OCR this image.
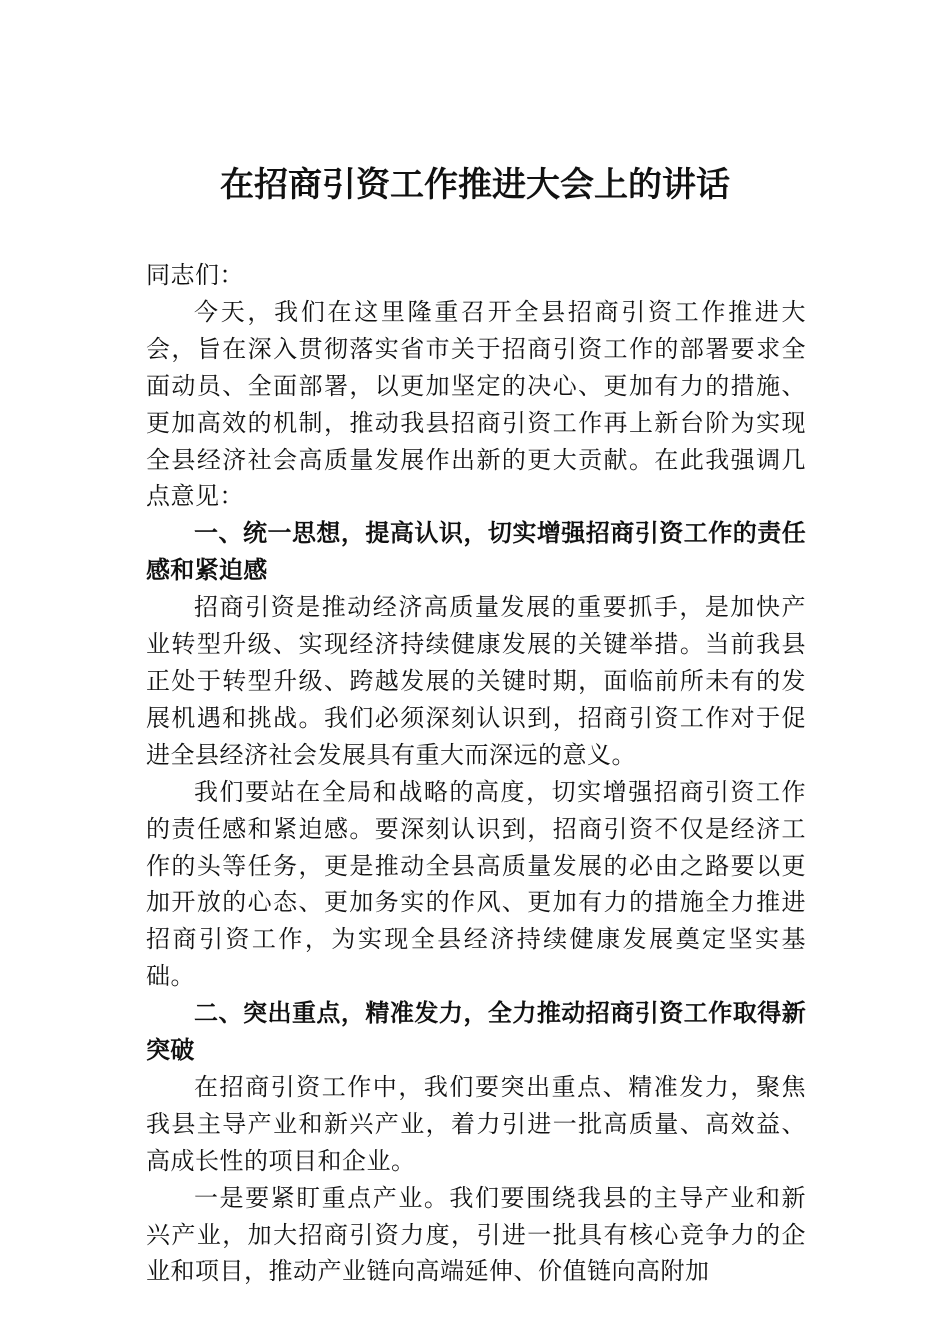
在招商引资工作推进大会上的讲话

同志们：

今天，我们在这里隆重召开全县招商引资工作推进大会，旨在深入贯彻落实省市关于招商引资工作的部署要求全面动员、全面部署，以更加坚定的决心、更加有力的措施、更加高效的机制，推动我县招商引资工作再上新台阶为实现全县经济社会高质量发展作出新的更大贡献。在此我强调几点意见：

一、统一思想，提高认识，切实增强招商引资工作的责任感和紧迫感

招商引资是推动经济高质量发展的重要抓手，是加快产业转型升级、实现经济持续健康发展的关键举措。当前我县正处于转型升级、跨越发展的关键时期，面临前所未有的发展机遇和挑战。我们必须深刻认识到，招商引资工作对于促进全县经济社会发展具有重大而深远的意义。

我们要站在全局和战略的高度，切实增强招商引资工作的责任感和紧迫感。要深刻认识到，招商引资不仅是经济工作的头等任务，更是推动全县高质量发展的必由之路要以更加开放的心态、更加务实的作风、更加有力的措施全力推进招商引资工作，为实现全县经济持续健康发展奠定坚实基础。

二、突出重点，精准发力，全力推动招商引资工作取得新突破

在招商引资工作中，我们要突出重点、精准发力，聚焦我县主导产业和新兴产业，着力引进一批高质量、高效益、高成长性的项目和企业。

一是要紧盯重点产业。我们要围绕我县的主导产业和新兴产业，加大招商引资力度，引进一批具有核心竞争力的企业和项目，推动产业链向高端延伸、价值链向高附加
